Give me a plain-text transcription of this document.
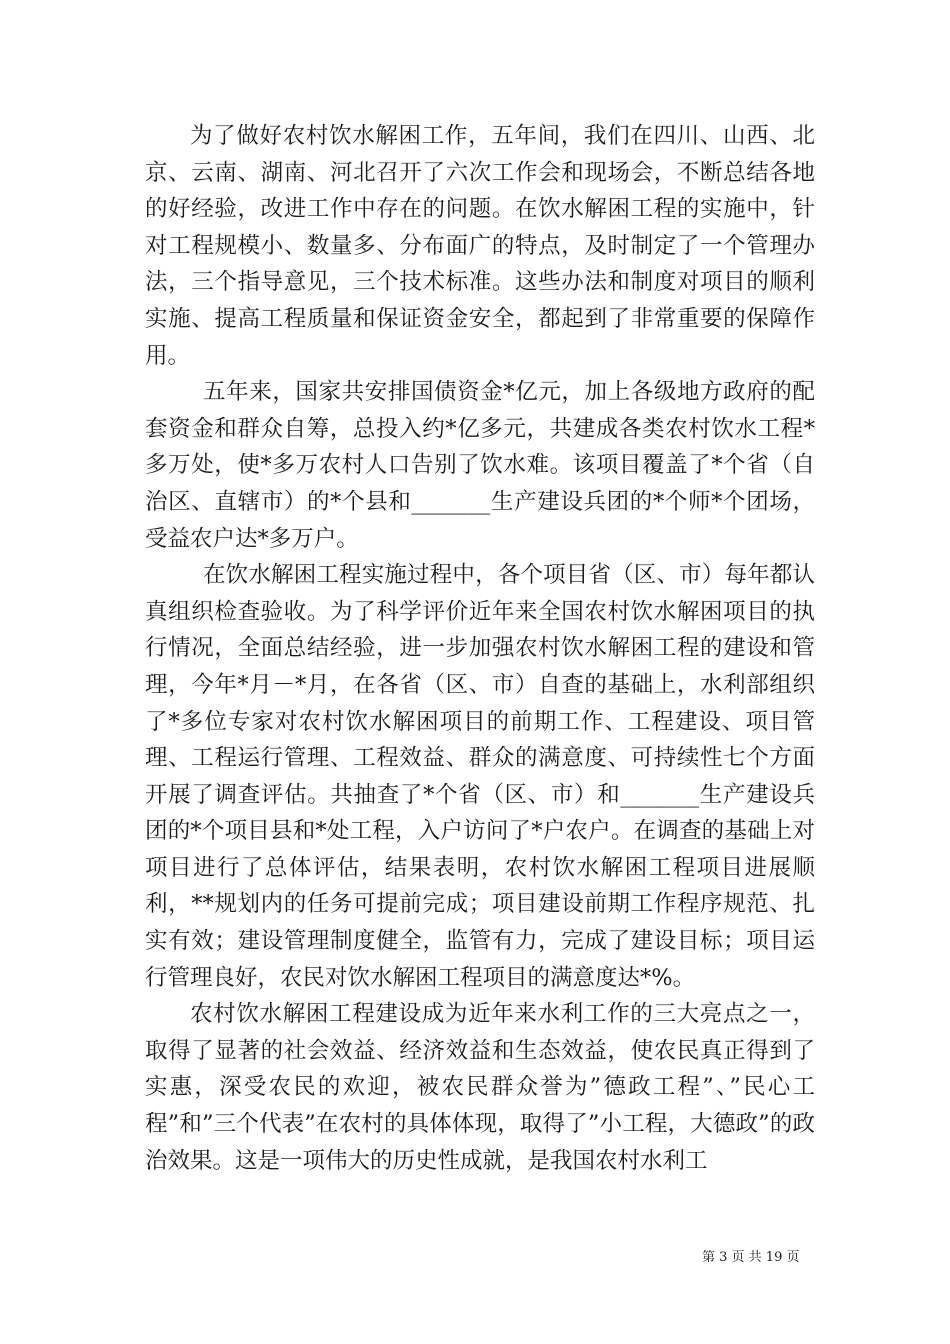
为了做好农村饮水解困工作，五年间，我们在四川、山西、北京、云南、湖南、河北召开了六次工作会和现场会，不断总结各地的好经验，改进工作中存在的问题。在饮水解困工程的实施中，针对工程规模小、数量多、分布面广的特点，及时制定了一个管理办法，三个指导意见，三个技术标准。这些办法和制度对项目的顺利实施、提高工程质量和保证资金安全，都起到了非常重要的保障作用。

五年来，国家共安排国债资金*亿元，加上各级地方政府的配套资金和群众自筹，总投入约*亿多元，共建成各类农村饮水工程*多万处，使*多万农村人口告别了饮水难。该项目覆盖了*个省（自治区、直辖市）的*个县和_______生产建设兵团的*个师*个团场，受益农户达*多万户。

在饮水解困工程实施过程中，各个项目省（区、市）每年都认真组织检查验收。为了科学评价近年来全国农村饮水解困项目的执行情况，全面总结经验，进一步加强农村饮水解困工程的建设和管理，今年*月－*月，在各省（区、市）自查的基础上，水利部组织了*多位专家对农村饮水解困项目的前期工作、工程建设、项目管理、工程运行管理、工程效益、群众的满意度、可持续性七个方面开展了调查评估。共抽查了*个省（区、市）和_______生产建设兵团的*个项目县和*处工程，入户访问了*户农户。在调查的基础上对项目进行了总体评估，结果表明，农村饮水解困工程项目进展顺利，**规划内的任务可提前完成；项目建设前期工作程序规范、扎实有效；建设管理制度健全，监管有力，完成了建设目标；项目运行管理良好，农民对饮水解困工程项目的满意度达*%。

农村饮水解困工程建设成为近年来水利工作的三大亮点之一，取得了显著的社会效益、经济效益和生态效益，使农民真正得到了实惠，深受农民的欢迎，被农民群众誉为”德政工程”、”民心工程”和”三个代表”在农村的具体体现，取得了”小工程，大德政”的政治效果。这是一项伟大的历史性成就，是我国农村水利工

第 3 页 共 19 页
